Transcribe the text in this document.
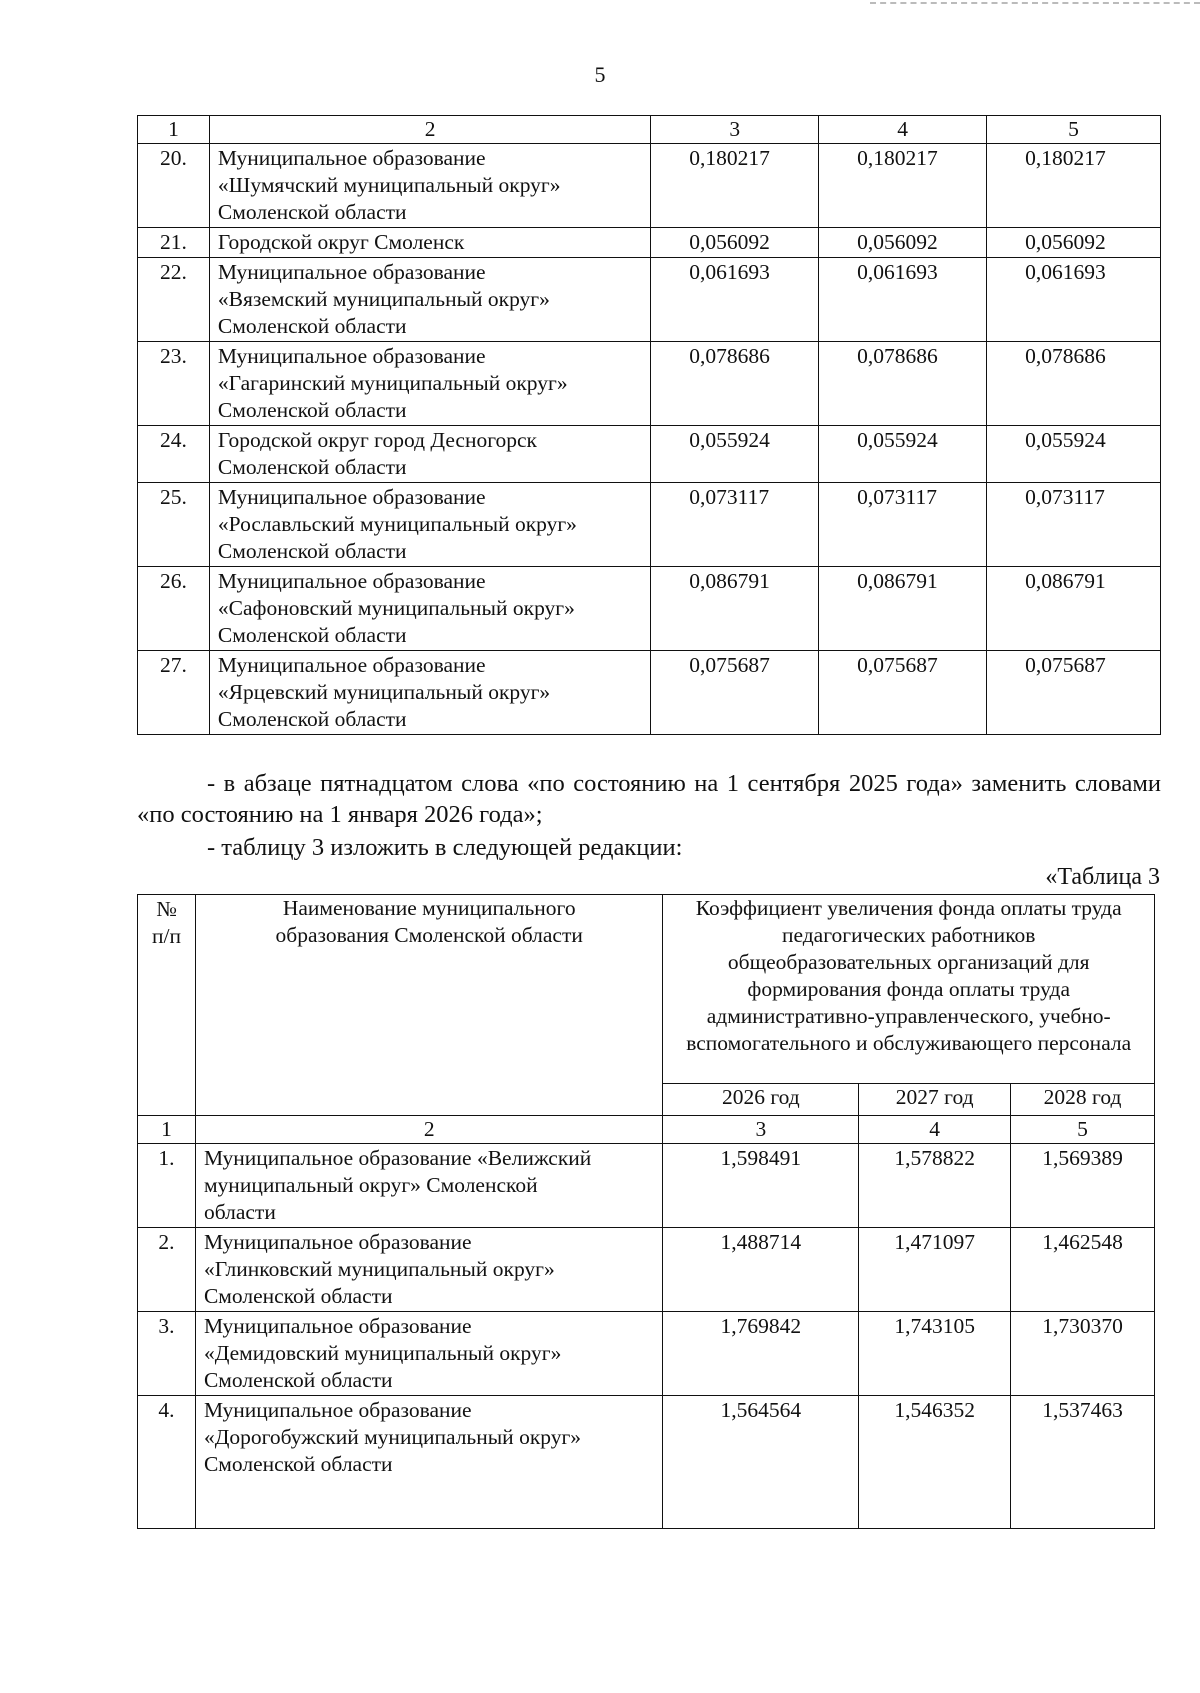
5
1	2	3	4	5
20.	Муниципальное образование
«Шумячский муниципальный округ»
Смоленской области	0,180217	0,180217	0,180217
21.	Городской округ Смоленск	0,056092	0,056092	0,056092
22.	Муниципальное образование
«Вяземский муниципальный округ»
Смоленской области	0,061693	0,061693	0,061693
23.	Муниципальное образование
«Гагаринский муниципальный округ»
Смоленской области	0,078686	0,078686	0,078686
24.	Городской округ город Десногорск
Смоленской области	0,055924	0,055924	0,055924
25.	Муниципальное образование
«Рославльский муниципальный округ»
Смоленской области	0,073117	0,073117	0,073117
26.	Муниципальное образование
«Сафоновский муниципальный округ»
Смоленской области	0,086791	0,086791	0,086791
27.	Муниципальное образование
«Ярцевский муниципальный округ»
Смоленской области	0,075687	0,075687	0,075687
- в абзаце пятнадцатом слова «по состоянию на 1 сентября 2025 года» заменить словами «по состоянию на 1 января 2026 года»;
- таблицу 3 изложить в следующей редакции:
«Таблица 3
№ п/п	Наименование муниципального образования Смоленской области	Коэффициент увеличения фонда оплаты труда педагогических работников общеобразовательных организаций для формирования фонда оплаты труда административно-управленческого, учебно-вспомогательного и обслуживающего персонала		
		2026 год	2027 год	2028 год
1	2	3	4	5
1.	Муниципальное образование «Велижский
муниципальный округ» Смоленской
области	1,598491	1,578822	1,569389
2.	Муниципальное образование
«Глинковский муниципальный округ»
Смоленской области	1,488714	1,471097	1,462548
3.	Муниципальное образование
«Демидовский муниципальный округ»
Смоленской области	1,769842	1,743105	1,730370
4.	Муниципальное образование
«Дорогобужский муниципальный округ»
Смоленской области	1,564564	1,546352	1,537463
